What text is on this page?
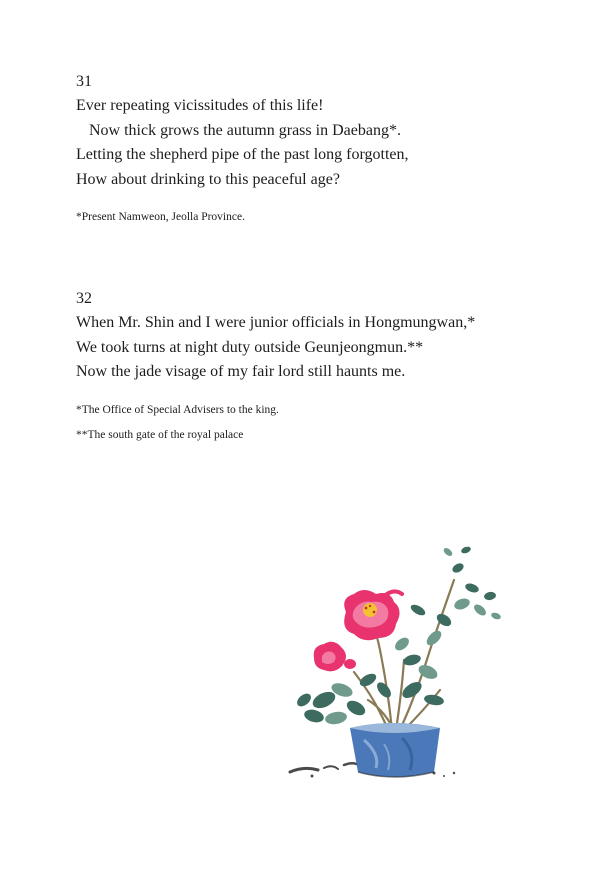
31
Ever repeating vicissitudes of this life!
Now thick grows the autumn grass in Daebang*.
Letting the shepherd pipe of the past long forgotten,
How about drinking to this peaceful age?
*Present Namweon, Jeolla Province.
32
When Mr. Shin and I were junior officials in Hongmungwan,*
We took turns at night duty outside Geunjeongmun.**
Now the jade visage of my fair lord still haunts me.
*The Office of Special Advisers to the king.
**The south gate of the royal palace
